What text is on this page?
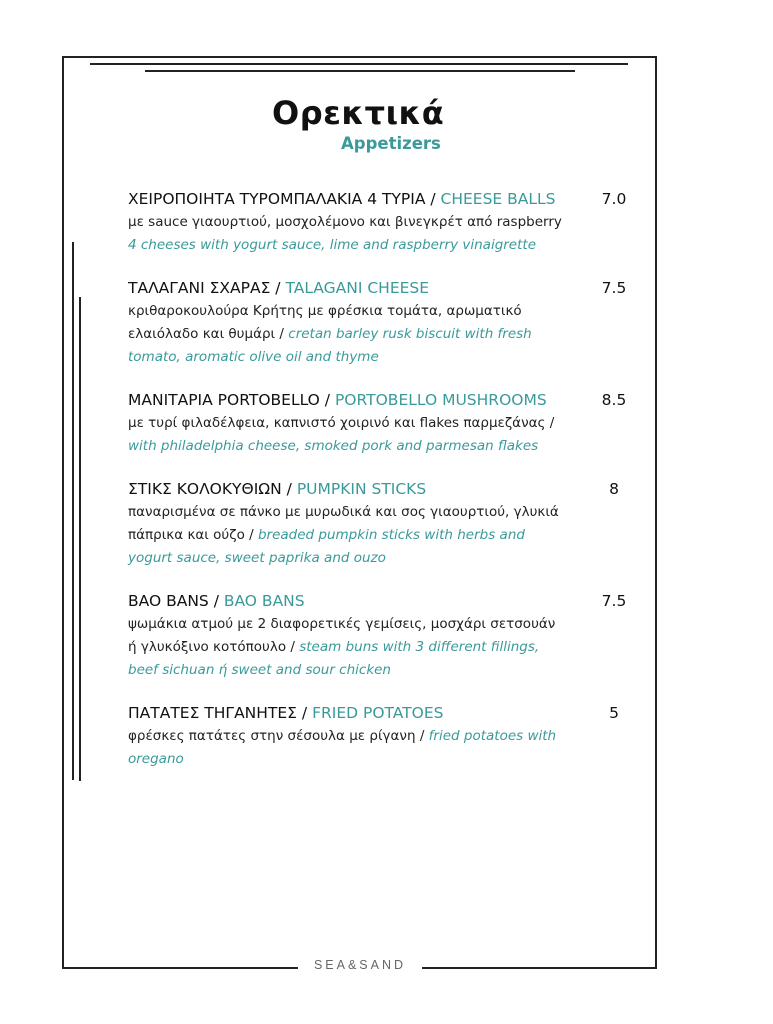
Ορεκτικά
Appetizers
ΧΕΙΡΟΠΟΙΗΤΑ ΤΥΡΟΜΠΑΛΑΚΙΑ 4 ΤΥΡΙΑ / CHEESE BALLS	7.0
με sauce γιαουρτιού, μοσχολέμονο και βινεγκρέτ από raspberry
4 cheeses with yogurt sauce, lime and raspberry vinaigrette
ΤΑΛΑΓΑΝΙ ΣΧΑΡΑΣ / TALAGANI CHEESE	7.5
κριθαροκουλούρα Κρήτης με φρέσκια τομάτα, αρωματικό ελαιόλαδο και θυμάρι / cretan barley rusk biscuit with fresh tomato, aromatic olive oil and thyme
ΜΑΝΙΤΑΡΙΑ PORTOBELLO / PORTOBELLO MUSHROOMS	8.5
με τυρί φιλαδέλφεια, καπνιστό χοιρινό και flakes παρμεζάνας / with philadelphia cheese, smoked pork and parmesan flakes
ΣΤΙΚΣ ΚΟΛΟΚΥΘΙΩΝ / PUMPKIN STICKS	8
παναρισμένα σε πάνκο με μυρωδικά και σος γιαουρτιού, γλυκιά πάπρικα και ούζο / breaded pumpkin sticks with herbs and yogurt sauce, sweet paprika and ouzo
BAO BANS / BAO BANS	7.5
ψωμάκια ατμού με 2 διαφορετικές γεμίσεις, μοσχάρι σετσουάν ή γλυκόξινο κοτόπουλο / steam buns with 3 different fillings, beef sichuan ή sweet and sour chicken
ΠΑΤΑΤΕΣ ΤΗΓΑΝΗΤΕΣ / FRIED POTATOES	5
φρέσκες πατάτες στην σέσουλα με ρίγανη / fried potatoes with oregano
SEA&SAND
